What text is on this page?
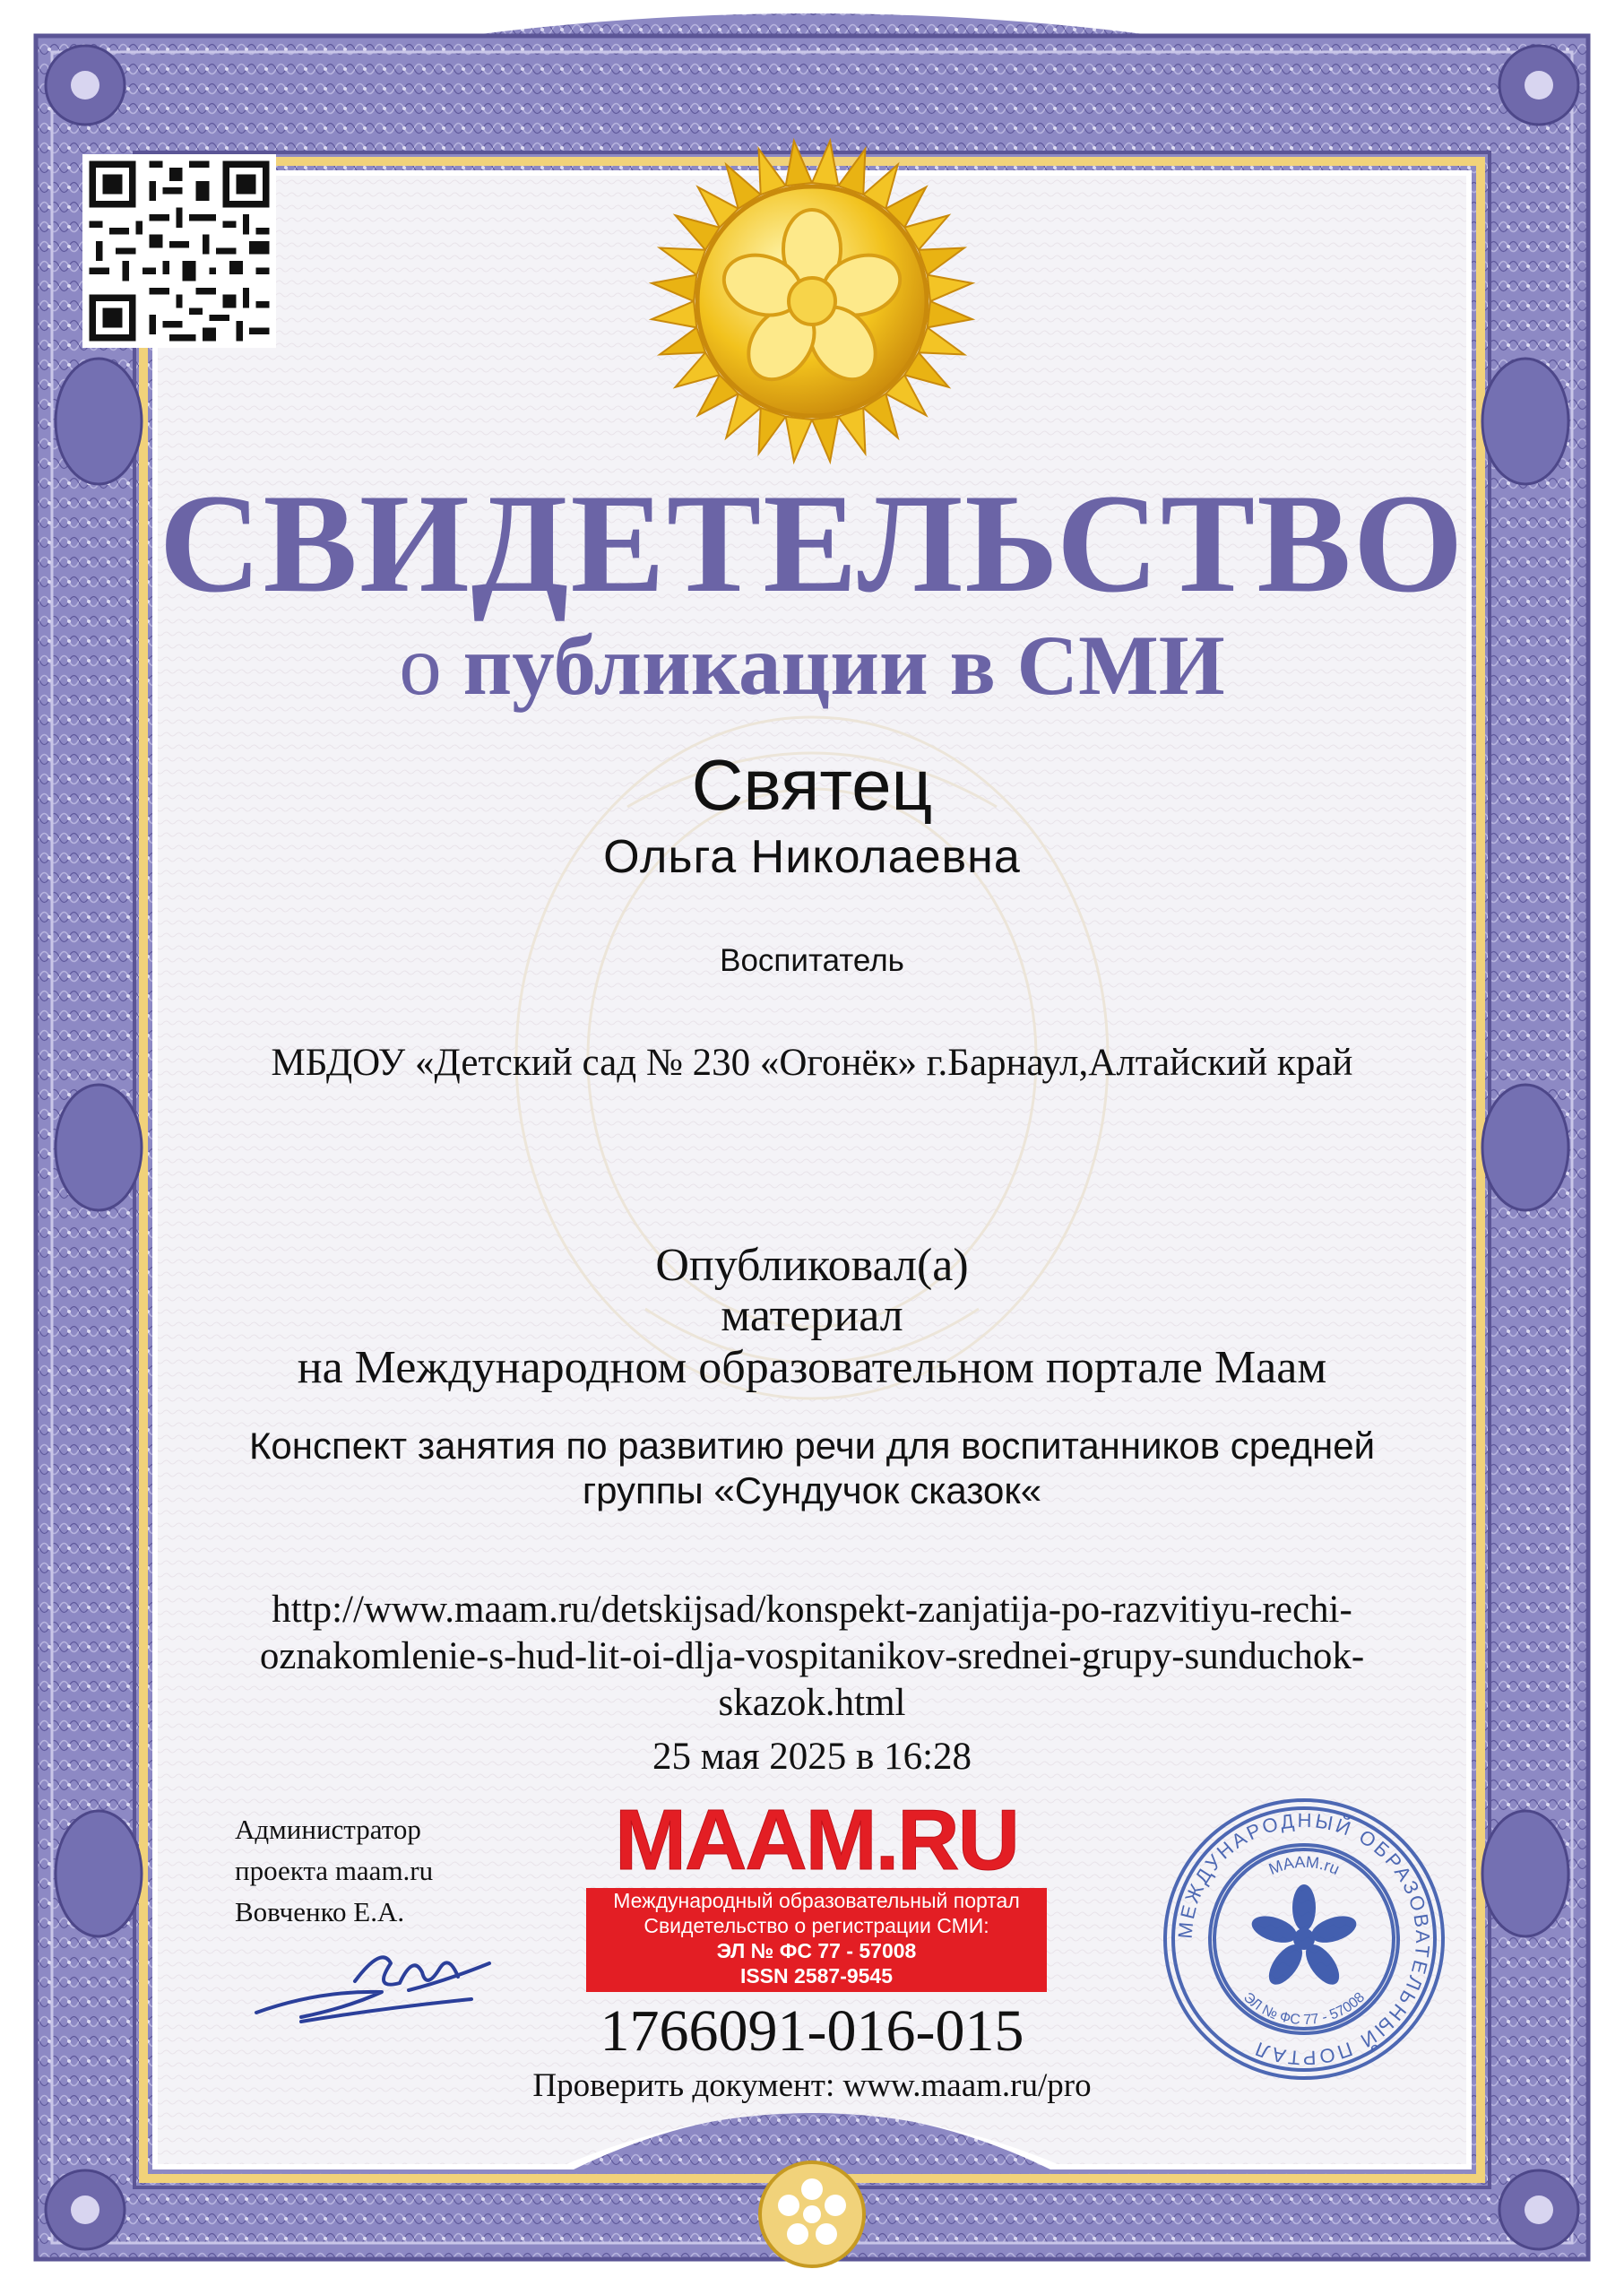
СВИДЕТЕЛЬСТВО
о публикации в СМИ
Святец
Ольга Николаевна
Воспитатель
МБДОУ «Детский сад № 230 «Огонёк» г.Барнаул,Алтайский край
Опубликовал(а)
материал
на Международном образовательном портале Маам
Конспект занятия по развитию речи для воспитанников средней
группы «Сундучок сказок«
http://www.maam.ru/detskijsad/konspekt-zanjatija-po-razvitiyu-rechi-
oznakomlenie-s-hud-lit-oi-dlja-vospitanikov-srednei-grupy-sunduchok-
skazok.html
25 мая 2025 в 16:28
Администратор
проекта maam.ru
Вовченко Е.А.
MAAM.RU
Международный образовательный портал
Свидетельство о регистрации СМИ:
ЭЛ № ФС 77 - 57008
ISSN 2587-9545
МЕЖДУНАРОДНЫЙ ОБРАЗОВАТЕЛЬНЫЙ ПОРТАЛ
MAAM.ru
ЭЛ № ФС 77 - 57008
1766091-016-015
Проверить документ: www.maam.ru/pro
